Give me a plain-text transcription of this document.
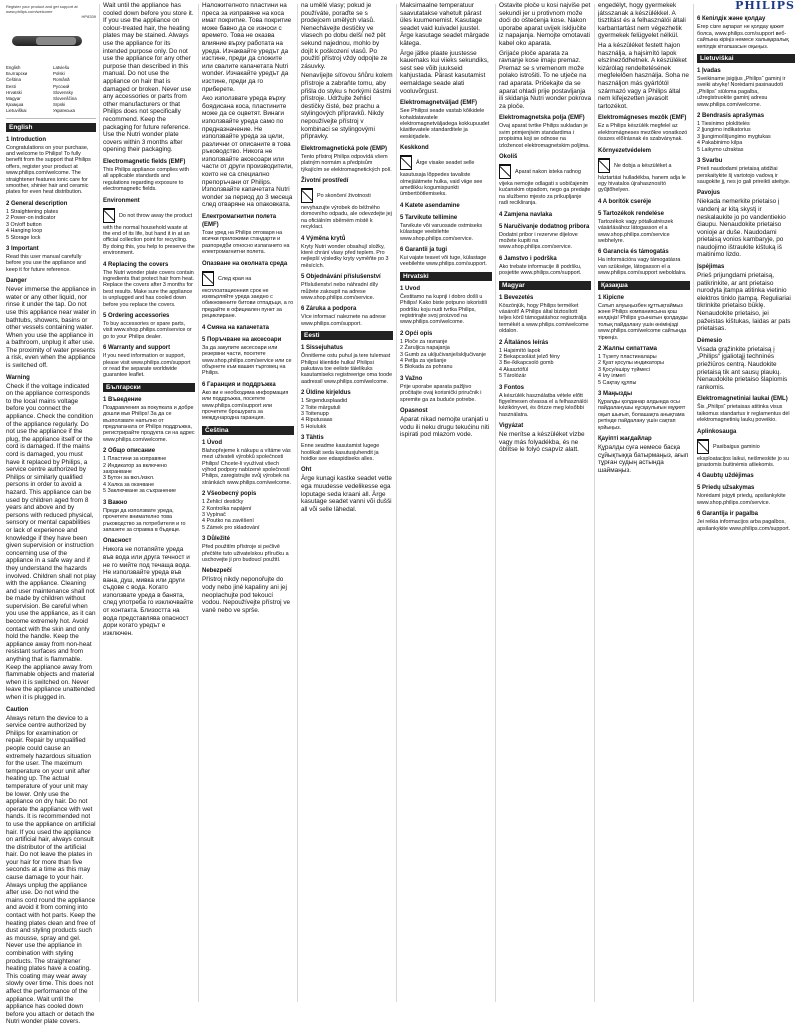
Register your product and get support at
www.philips.com/welcome
HP8339
English	Latviešu
Български	Polski
Čeština	Română
Eesti	Русский
Hrvatski	Slovensky
Magyar	Slovenščina
Қазақша	Srpski
Lietuviškai	Українська
English
1 Introduction
Congratulations on your purchase, and welcome to Philips! To fully benefit from the support that Philips offers, register your product at www.philips.com/welcome. The straightener features ionic care for smoother, shinier hair and ceramic plates for even heat distribution.
2 General description
1 Straightening plates
2 Power-on indicator
3 On/off button
4 Hanging loop
5 Storage lock
3 Important
Read this user manual carefully before you use the appliance and keep it for future reference.
Danger
Never immerse the appliance in water or any other liquid, nor rinse it under the tap. Do not use this appliance near water in bathtubs, showers, basins or other vessels containing water. When you use the appliance in a bathroom, unplug it after use. The proximity of water presents a risk, even when the appliance is switched off.
Warning
Check if the voltage indicated on the appliance corresponds to the local mains voltage before you connect the appliance. Check the condition of the appliance regularly. Do not use the appliance if the plug, the appliance itself or the cord is damaged. If the mains cord is damaged, you must have it replaced by Philips, a service centre authorized by Philips or similarly qualified persons in order to avoid a hazard. This appliance can be used by children aged from 8 years and above and by persons with reduced physical, sensory or mental capabilities or lack of experience and knowledge if they have been given supervision or instruction concerning use of the appliance in a safe way and if they understand the hazards involved. Children shall not play with the appliance. Cleaning and user maintenance shall not be made by children without supervision. Be careful when you use the appliance, as it can become extremely hot. Avoid contact with the skin and only hold the handle. Keep the appliance away from non-heat resistant surfaces and from anything that is flammable. Keep the appliance away from flammable objects and material when it is switched on. Never leave the appliance unattended when it is plugged in.
Caution
Always return the device to a service centre authorized by Philips for examination or repair. Repair by unqualified people could cause an extremely hazardous situation for the user. The maximum temperature on your unit after heating up. The actual temperature of your unit may be lower. Only use the appliance on dry hair. Do not operate the appliance with wet hands. It is recommended not to use the appliance on artificial hair. If you used the appliance on artificial hair, always consult the distributor of the artificial hair. Do not leave the plates in your hair for more than five seconds at a time as this may cause damage to your hair. Always unplug the appliance after use. Do not wind the mains cord round the appliance and avoid it from coming into contact with hot parts. Keep the heating plates clean and free of dust and styling products such as mousse, spray and gel. Never use the appliance in combination with styling products. The straightener heating plates have a coating. This coating may wear away slowly over time. This does not affect the performance of the appliance. Wait until the appliance has cooled down before you attach or detach the Nutri wonder plate covers.
Wait until the appliance has cooled down before you store it. If you use the appliance on colour-treated hair, the heating plates may be stained. Always use the appliance for its intended purpose only. Do not use the appliance for any other purpose than described in this manual. Do not use the appliance on hair that is damaged or broken. Never use any accessories or parts from other manufacturers or that Philips does not specifically recommend. Keep the packaging for future reference. Use the Nutri wonder plate covers within 3 months after opening their packaging.
Electromagnetic fields (EMF)
This Philips appliance complies with all applicable standards and regulations regarding exposure to electromagnetic fields.
Environment
Do not throw away the product with the normal household waste at the end of its life, but hand it in at an official collection point for recycling. By doing this, you help to preserve the environment.
4 Replacing the covers
The Nutri wonder plate covers contain ingredients that protect hair from heat. Replace the covers after 3 months for best results. Make sure the appliance is unplugged and has cooled down before you replace the covers.
5 Ordering accessories
To buy accessories or spare parts, visit www.shop.philips.com/service or go to your Philips dealer.
6 Warranty and support
If you need information or support, please visit www.philips.com/support or read the separate worldwide guarantee leaflet.
Български
1 Въведение
Поздравления за покупката и добре дошли във Philips! За да се възползвате напълно от предлаганата от Philips поддръжка, регистрирайте продукта си на адрес www.philips.com/welcome.
2 Общо описание
1 Пластини за изправяне
2 Индикатор за включено захранване
3 Бутон за вкл./изкл.
4 Халка за окачване
5 Заключване за съхранение
3 Важно
Преди да използвате уреда, прочетете внимателно това ръководство за потребителя и го запазете за справка в бъдеще.
Опасност
Никога не потапяйте уреда във вода или друга течност и не го мийте под течаща вода. Не използвайте уреда във вана, душ, мивка или други съдове с вода. Когато използвате уреда в банята, след употреба го изключвайте от контакта. Близостта на вода представлява опасност дори когато уредът е изключен.
Наложителното пластини на преса за изправяне на коса имат покритие. Това покритие може бавно да се износи с времето. Това не оказва влияние върху работата на уреда. Изчаквайте уредът да изстине, преди да сложите или свалите капачетата Nutri wonder. Изчакайте уредът да изстине, преди да го приберете.
Ако използвате уреда върху боядисана коса, пластините може да се оцветят. Винаги използвайте уреда само по предназначение. Не използвайте уреда за цели, различни от описаните в това ръководство. Никога не използвайте аксесоари или части от други производители, които не са специално препоръчани от Philips. Използвайте капачетата Nutri wonder за период до 3 месеца след отваряне на опаковката.
Електромагнитни полета (EMF)
Този уред на Philips отговаря на всички приложими стандарти и разпоредби относно излагането на електромагнитни полета.
Опазване на околната среда
След края на експлоатационния срок не изхвърляйте уреда заедно с обикновените битови отпадъци, а го предайте в официален пункт за рециклиране.
4 Смяна на капачетата
5 Поръчване на аксесоари
За да закупите аксесоари или резервни части, посетете www.shop.philips.com/service или се обърнете към вашия търговец на Philips.
6 Гаранция и поддръжка
Ако ви е необходима информация или поддръжка, посетете www.philips.com/support или прочетете брошурата за международна гаранция.
Čeština
1 Úvod
Blahopřejeme k nákupu a vítáme vás mezi uživateli výrobků společnosti Philips! Chcete-li využívat všech výhod podpory nabízené společností Philips, zaregistrujte svůj výrobek na stránkách www.philips.com/welcome.
2 Všeobecný popis
1 Žehlicí destičky
2 Kontrolka napájení
3 Vypínač
4 Poutko na zavěšení
5 Zámek pro skladování
3 Důležité
Před použitím přístroje si pečlivě přečtěte tuto uživatelskou příručku a uschovejte ji pro budoucí použití.
Nebezpečí
Přístroj nikdy neponořujte do vody nebo jiné kapaliny ani jej neoplachujte pod tekoucí vodou. Nepoužívejte přístroj ve vaně nebo ve sprše.
na umělé vlasy; pokud je používáte, poraďte se s prodejcem umělých vlasů. Nenechávejte destičky ve vlasech po dobu delší než pět sekund najednou, mohlo by dojít k poškození vlasů. Po použití přístroj vždy odpojte ze zásuvky.
Nenavíjejte síťovou šňůru kolem přístroje a zabraňte tomu, aby přišla do styku s horkými částmi přístroje. Udržujte žehlicí destičky čisté, bez prachu a stylingových přípravků. Nikdy nepoužívejte přístroj v kombinaci se stylingovými přípravky.
Elektromagnetická pole (EMP)
Tento přístroj Philips odpovídá všem platným normám a předpisům týkajícím se elektromagnetických polí.
Životní prostředí
Po skončení životnosti nevyhazujte výrobek do běžného domovního odpadu, ale odevzdejte jej na oficiálním sběrném místě k recyklaci.
4 Výměna krytů
Kryty Nutri wonder obsahují složky, které chrání vlasy před teplem. Pro nejlepší výsledky kryty vyměňte po 3 měsících.
5 Objednávání příslušenství
Příslušenství nebo náhradní díly můžete zakoupit na adrese www.shop.philips.com/service.
6 Záruka a podpora
Více informací naleznete na adrese www.philips.com/support.
Eesti
1 Sissejuhatus
Õnnitleme ostu puhul ja tere tulemast Philipsi klientide hulka! Philipsi pakutava toe eeliste täielikuks kasutamiseks registreerige oma toode aadressil www.philips.com/welcome.
2 Üldine kirjeldus
1 Sirgendusplaadid
2 Toite märgutuli
3 Toitenupp
4 Riputusaas
5 Hoiulukk
3 Tähtis
Enne seadme kasutamist lugege hoolikalt seda kasutusjuhendit ja hoidke see edaspidiseks alles.
Oht
Ärge kunagi kastke seadet vette ega muudesse vedelikesse ega loputage seda kraani all. Ärge kasutage seadet vanni või dušši all või selle lähedal.
Maksimaalne temperatuur saavutatakse vahetult pärast üles kuumenemist. Kasutage seadet vaid kuivadel juustel. Ärge kasutage seadet märgade kätega.
Ärge jätke plaate juustesse kauemaks kui viieks sekundiks, sest see võib juukseid kahjustada. Pärast kasutamist eemaldage seade alati vooluvõrgust.
Elektromagnetväljad (EMF)
See Philipsi seade vastab kõikidele kohaldatavatele elektromagnetväljadega kokkupuudet käsitlevatele standarditele ja eeskirjadele.
Keskkond
Ärge visake seadet selle kasutusaja lõppedes tavaliste olmejäätmete hulka, vaid viige see ametlikku kogumispunkti ümbertöötlemiseks.
4 Katete asendamine
5 Tarvikute tellimine
Tarvikute või varuosade ostmiseks külastage veebilehte www.shop.philips.com/service.
6 Garantii ja tugi
Kui vajate teavet või tuge, külastage veebilehte www.philips.com/support.
Hrvatski
1 Uvod
Čestitamo na kupnji i dobro došli u Philips! Kako biste potpuno iskoristili podršku koju nudi tvrtka Philips, registrirajte svoj proizvod na www.philips.com/welcome.
2 Opći opis
1 Ploče za ravnanje
2 Žaruljica napajanja
3 Gumb za uključivanje/isključivanje
4 Petlja za vješanje
5 Blokada za pohranu
3 Važno
Prije uporabe aparata pažljivo pročitajte ovaj korisnički priručnik i spremite ga za buduće potrebe.
Opasnost
Aparat nikad nemojte uranjati u vodu ili neku drugu tekućinu niti ispirati pod mlazom vode.
Ostavite ploče u kosi najviše pet sekundi jer u protivnom može doći do oštećenja kose. Nakon uporabe aparat uvijek isključite iz napajanja. Nemojte omotavati kabel oko aparata.
Grijaće ploče aparata za ravnanje kose imaju premaz. Premaz se s vremenom može polako istrošiti. To ne utječe na rad aparata. Pričekajte da se aparat ohladi prije postavljanja ili skidanja Nutri wonder pokrova za ploče.
Elektromagnetska polja (EMF)
Ovaj aparat tvrtke Philips sukladan je svim primjenjivim standardima i propisima koji se odnose na izloženost elektromagnetskim poljima.
Okoliš
Aparat nakon isteka radnog vijeka nemojte odlagati s uobičajenim kućanskim otpadom, nego ga predajte na službeno mjesto za prikupljanje radi recikliranja.
4 Zamjena navlaka
5 Naručivanje dodatnog pribora
Dodatni pribor i rezervne dijelove možete kupiti na www.shop.philips.com/service.
6 Jamstvo i podrška
Ako trebate informacije ili podršku, posjetite www.philips.com/support.
Magyar
1 Bevezetés
Köszönjük, hogy Philips terméket vásárolt! A Philips által biztosított teljes körű támogatáshoz regisztrálja termékét a www.philips.com/welcome oldalon.
2 Általános leírás
1 Hajsimító lapok
2 Bekapcsolást jelző fény
3 Be-/kikapcsoló gomb
4 Akasztófül
5 Tárolózár
3 Fontos
A készülék használatba vétele előtt figyelmesen olvassa el a felhasználói kézikönyvet, és őrizze meg későbbi használatra.
Vigyázat
Ne merítse a készüléket vízbe vagy más folyadékba, és ne öblítse le folyó csapvíz alatt.
engedélyt, hogy gyermekek játsszanak a készülékkel. A tisztítást és a felhasználói általi karbantartást nem végezhetik gyermekek felügyelet nélkül.
Ha a készüléket festett hajon használja, a hajsimító lapok elszíneződhetnek. A készüléket kizárólag rendeltetésének megfelelően használja. Soha ne használjon más gyártótól származó vagy a Philips által nem kifejezetten javasolt tartozékot.
Elektromágneses mezők (EMF)
Ez a Philips készülék megfelel az elektromágneses mezőkre vonatkozó összes előírásnak és szabványnak.
Környezetvédelem
Ne dobja a készüléket a háztartási hulladékba, hanem adja le egy hivatalos újrahasznosító gyűjtőhelyen.
4 A borítók cseréje
5 Tartozékok rendelése
Tartozékok vagy pótalkatrészek vásárlásához látogasson el a www.shop.philips.com/service webhelyre.
6 Garancia és támogatás
Ha információra vagy támogatásra van szüksége, látogasson el a www.philips.com/support weboldalra.
Қазақша
1 Кіріспе
Сатып алуыңызбен құттықтаймыз және Philips компаниясына қош келдіңіз! Philips ұсынатын қолдауды толық пайдалану үшін өніміңізді www.philips.com/welcome сайтында тіркеңіз.
2 Жалпы сипаттама
1 Түзету пластиналары
2 Қуат қосулы индикаторы
3 Қосу/өшіру түймесі
4 Ілу ілмегі
5 Сақтау құлпы
3 Маңызды
Құралды қолданар алдында осы пайдаланушы нұсқаулығын мұқият оқып шығып, болашақта анықтама ретінде пайдалану үшін сақтап қойыңыз.
Қауіпті жағдайлар
Құралды суға немесе басқа сұйықтыққа батырмаңыз, ағып тұрған судың астында шаймаңыз.
PHILIPS
6 Кепілдік және қолдау
Егер сізге ақпарат не қолдау қажет болса, www.philips.com/support веб-сайтына кіріңіз немесе халықаралық кепілдік кітапшасын оқыңыз.
Lietuviškai
1 Įvadas
Sveikiname įsigijus „Philips“ gaminį ir sveiki atvykę! Norėdami pasinaudoti „Philips“ siūloma pagalba, užregistruokite gaminį adresu www.philips.com/welcome.
2 Bendrasis aprašymas
1 Tiesinimo plokštelės
2 Įjungimo indikatorius
3 Įjungimo/išjungimo mygtukas
4 Pakabinimo kilpa
5 Laikymo užraktas
3 Svarbu
Prieš naudodami prietaisą atidžiai perskaitykite šį vartotojo vadovą ir saugokite jį, nes jo gali prireikti ateityje.
Pavojus
Niekada nemerkite prietaiso į vandenį ar kitą skystį ir neskalaukite jo po vandentiekio čiaupu. Nenaudokite prietaiso vonioje ar duše. Naudodami prietaisą vonios kambaryje, po naudojimo ištraukite kištuką iš maitinimo lizdo.
Įspėjimas
Prieš prijungdami prietaisą, patikrinkite, ar ant prietaiso nurodyta įtampa atitinka vietinio elektros tinklo įtampą. Reguliariai tikrinkite prietaiso būklę. Nenaudokite prietaiso, jei pažeistas kištukas, laidas ar pats prietaisas.
Dėmesio
Visada grąžinkite prietaisą į „Philips“ įgaliotąjį techninės priežiūros centrą. Naudokite prietaisą tik ant sausų plaukų. Nenaudokite prietaiso šlapiomis rankomis.
Elektromagnetiniai laukai (EML)
Šis „Philips“ prietaisas atitinka visus taikomus standartus ir reglamentus dėl elektromagnetinių laukų poveikio.
Aplinkosauga
Pasibaigus gaminio eksploatacijos laikui, neišmeskite jo su įprastomis buitinėmis atliekomis.
4 Gaubtų uždėjimas
5 Priedų užsakymas
Norėdami įsigyti priedų, apsilankykite www.shop.philips.com/service.
6 Garantija ir pagalba
Jei reikia informacijos arba pagalbos, apsilankykite www.philips.com/support.
